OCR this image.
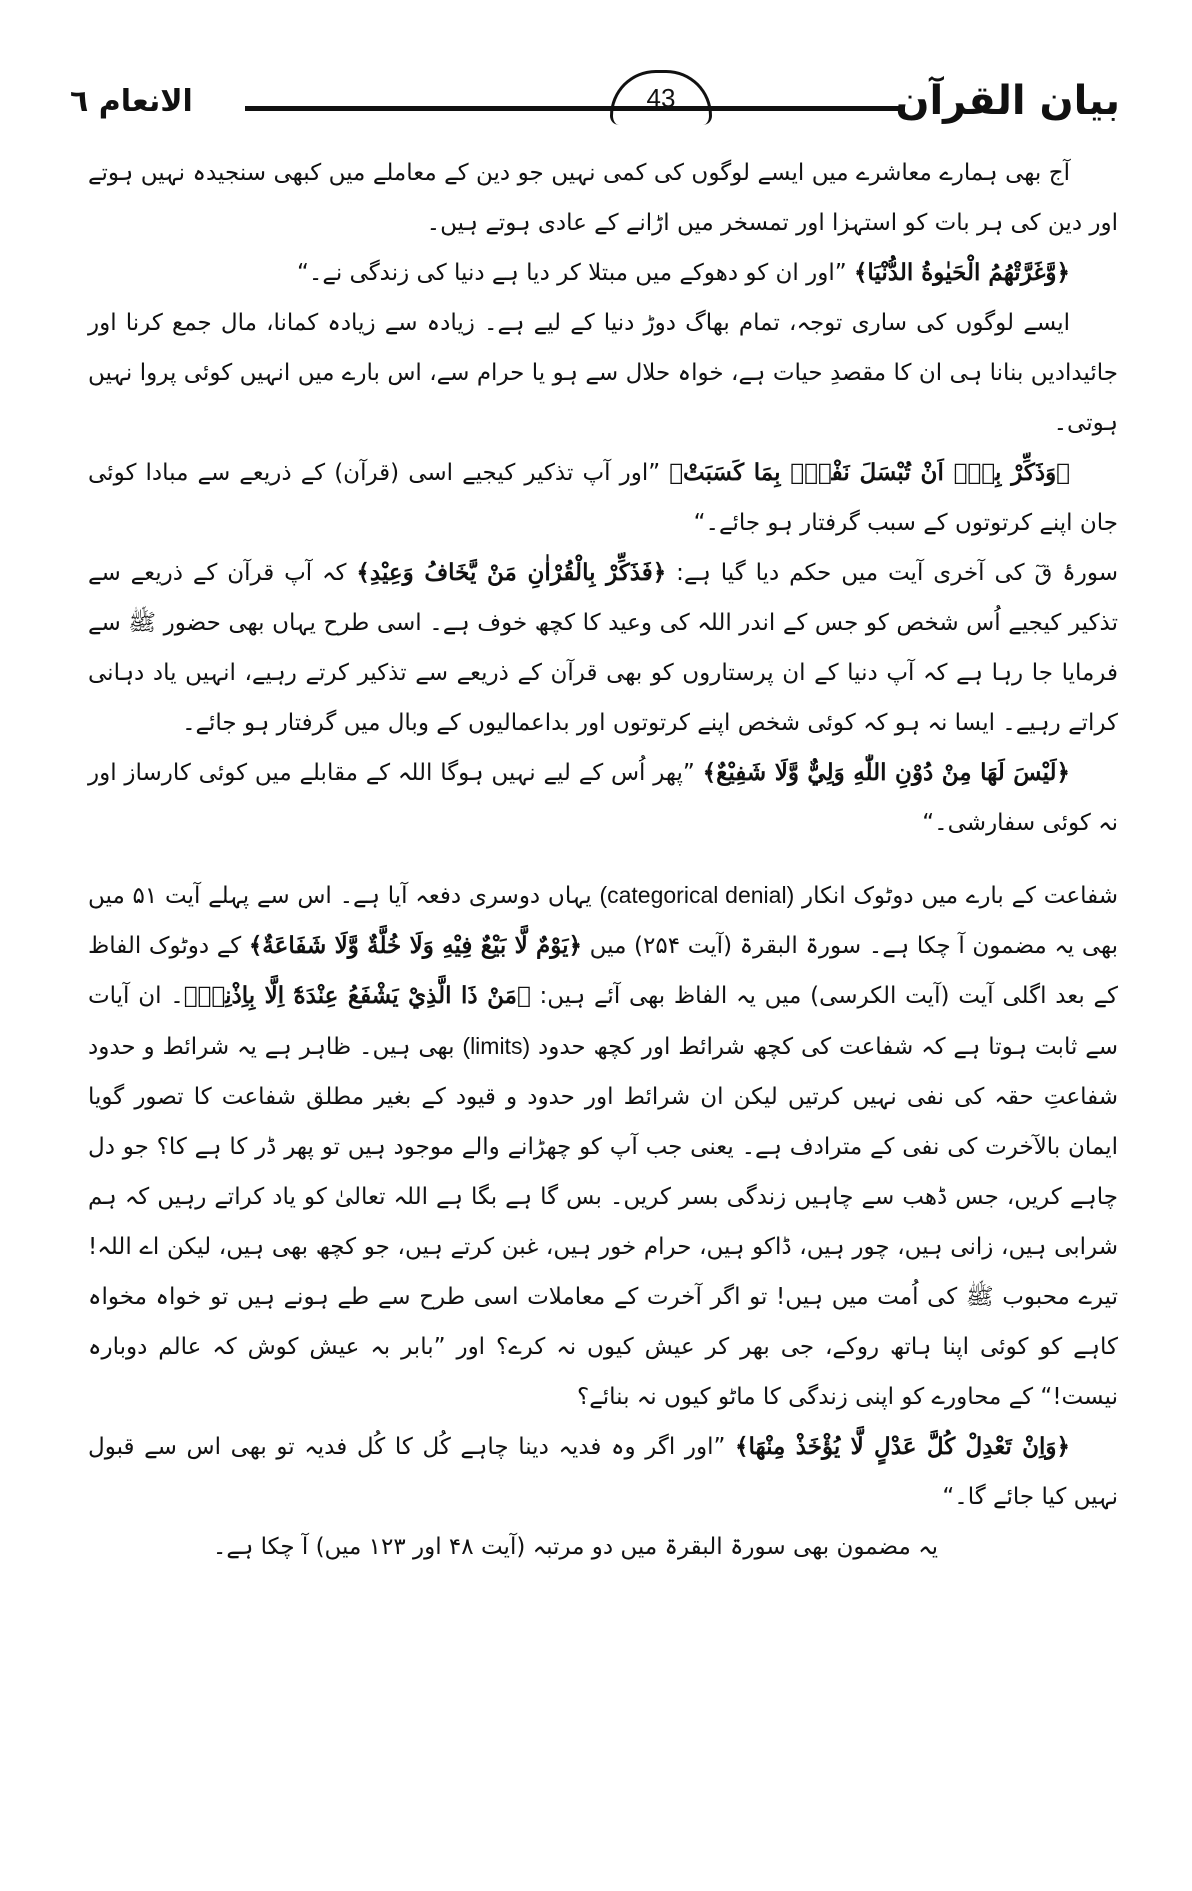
بیان القرآن
43
الانعام ٦

آج بھی ہمارے معاشرے میں ایسے لوگوں کی کمی نہیں جو دین کے معاملے میں کبھی سنجیدہ نہیں ہوتے اور دین کی ہر بات کو استہزا اور تمسخر میں اڑانے کے عادی ہوتے ہیں۔

﴿وَّغَرَّتْهُمُ الْحَيٰوةُ الدُّنْيَا﴾ ”اور ان کو دھوکے میں مبتلا کر دیا ہے دنیا کی زندگی نے۔“

ایسے لوگوں کی ساری توجہ، تمام بھاگ دوڑ دنیا کے لیے ہے۔ زیادہ سے زیادہ کمانا، مال جمع کرنا اور جائیدادیں بنانا ہی ان کا مقصدِ حیات ہے، خواہ حلال سے ہو یا حرام سے، اس بارے میں انہیں کوئی پروا نہیں ہوتی۔

﴿وَذَكِّرْ بِهٖٓ اَنْ تُبْسَلَ نَفْسٌۢ بِمَا كَسَبَتْ﴾ ”اور آپ تذکیر کیجیے اسی (قرآن) کے ذریعے سے مبادا کوئی جان اپنے کرتوتوں کے سبب گرفتار ہو جائے۔“

سورۂ قٓ کی آخری آیت میں حکم دیا گیا ہے: ﴿فَذَكِّرْ بِالْقُرْاٰنِ مَنْ يَّخَافُ وَعِيْدِ﴾ کہ آپ قرآن کے ذریعے سے تذکیر کیجیے اُس شخص کو جس کے اندر اللہ کی وعید کا کچھ خوف ہے۔ اسی طرح یہاں بھی حضور ﷺ سے فرمایا جا رہا ہے کہ آپ دنیا کے ان پرستاروں کو بھی قرآن کے ذریعے سے تذکیر کرتے رہیے، انہیں یاد دہانی کراتے رہیے۔ ایسا نہ ہو کہ کوئی شخص اپنے کرتوتوں اور بداعمالیوں کے وبال میں گرفتار ہو جائے۔

﴿لَيْسَ لَهَا مِنْ دُوْنِ اللّٰهِ وَلِيٌّ وَّلَا شَفِيْعٌ﴾ ”پھر اُس کے لیے نہیں ہوگا اللہ کے مقابلے میں کوئی کارساز اور نہ کوئی سفارشی۔“

شفاعت کے بارے میں دوٹوک انکار (categorical denial) یہاں دوسری دفعہ آیا ہے۔ اس سے پہلے آیت ۵۱ میں بھی یہ مضمون آ چکا ہے۔ سورۃ البقرۃ (آیت ۲۵۴) میں ﴿يَوْمٌ لَّا بَيْعٌ فِيْهِ وَلَا خُلَّةٌ وَّلَا شَفَاعَةٌ﴾ کے دوٹوک الفاظ کے بعد اگلی آیت (آیت الکرسی) میں یہ الفاظ بھی آئے ہیں: ﴿مَنْ ذَا الَّذِيْ يَشْفَعُ عِنْدَهٗٓ اِلَّا بِاِذْنِهٖ﴾۔ ان آیات سے ثابت ہوتا ہے کہ شفاعت کی کچھ شرائط اور کچھ حدود (limits) بھی ہیں۔ ظاہر ہے یہ شرائط و حدود شفاعتِ حقہ کی نفی نہیں کرتیں لیکن ان شرائط اور حدود و قیود کے بغیر مطلق شفاعت کا تصور گویا ایمان بالآخرت کی نفی کے مترادف ہے۔ یعنی جب آپ کو چھڑانے والے موجود ہیں تو پھر ڈر کا ہے کا؟ جو دل چاہے کریں، جس ڈھب سے چاہیں زندگی بسر کریں۔ بس گا ہے بگا ہے اللہ تعالیٰ کو یاد کراتے رہیں کہ ہم شرابی ہیں، زانی ہیں، چور ہیں، ڈاکو ہیں، حرام خور ہیں، غبن کرتے ہیں، جو کچھ بھی ہیں، لیکن اے اللہ! تیرے محبوب ﷺ کی اُمت میں ہیں! تو اگر آخرت کے معاملات اسی طرح سے طے ہونے ہیں تو خواہ مخواہ کاہے کو کوئی اپنا ہاتھ روکے، جی بھر کر عیش کیوں نہ کرے؟ اور ”بابر بہ عیش کوش کہ عالم دوبارہ نیست!“ کے محاورے کو اپنی زندگی کا ماٹو کیوں نہ بنائے؟

﴿وَاِنْ تَعْدِلْ كُلَّ عَدْلٍ لَّا يُؤْخَذْ مِنْهَا﴾ ”اور اگر وہ فدیہ دینا چاہے کُل کا کُل فدیہ تو بھی اس سے قبول نہیں کیا جائے گا۔“

یہ مضمون بھی سورۃ البقرۃ میں دو مرتبہ (آیت ۴۸ اور ۱۲۳ میں) آ چکا ہے۔
